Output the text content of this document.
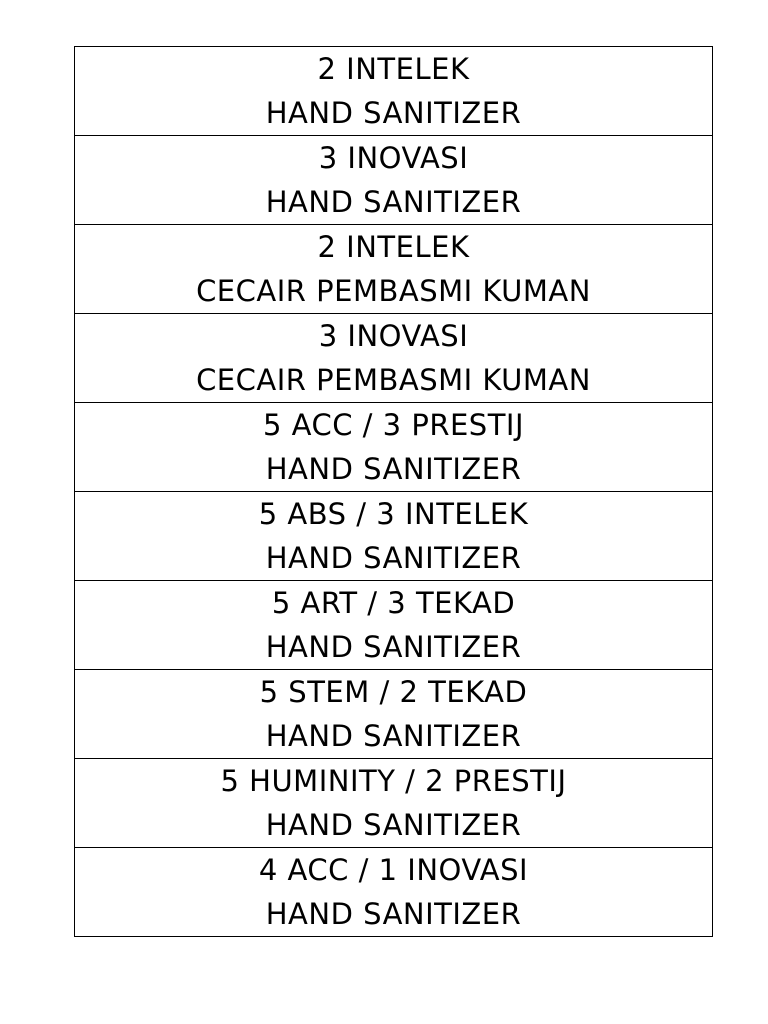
2 INTELEK
HAND SANITIZER

3 INOVASI
HAND SANITIZER

2 INTELEK
CECAIR PEMBASMI KUMAN

3 INOVASI
CECAIR PEMBASMI KUMAN

5 ACC / 3 PRESTIJ
HAND SANITIZER

5 ABS / 3 INTELEK
HAND SANITIZER

5 ART / 3 TEKAD
HAND SANITIZER

5 STEM / 2 TEKAD
HAND SANITIZER

5 HUMINITY / 2 PRESTIJ
HAND SANITIZER

4 ACC / 1 INOVASI
HAND SANITIZER
